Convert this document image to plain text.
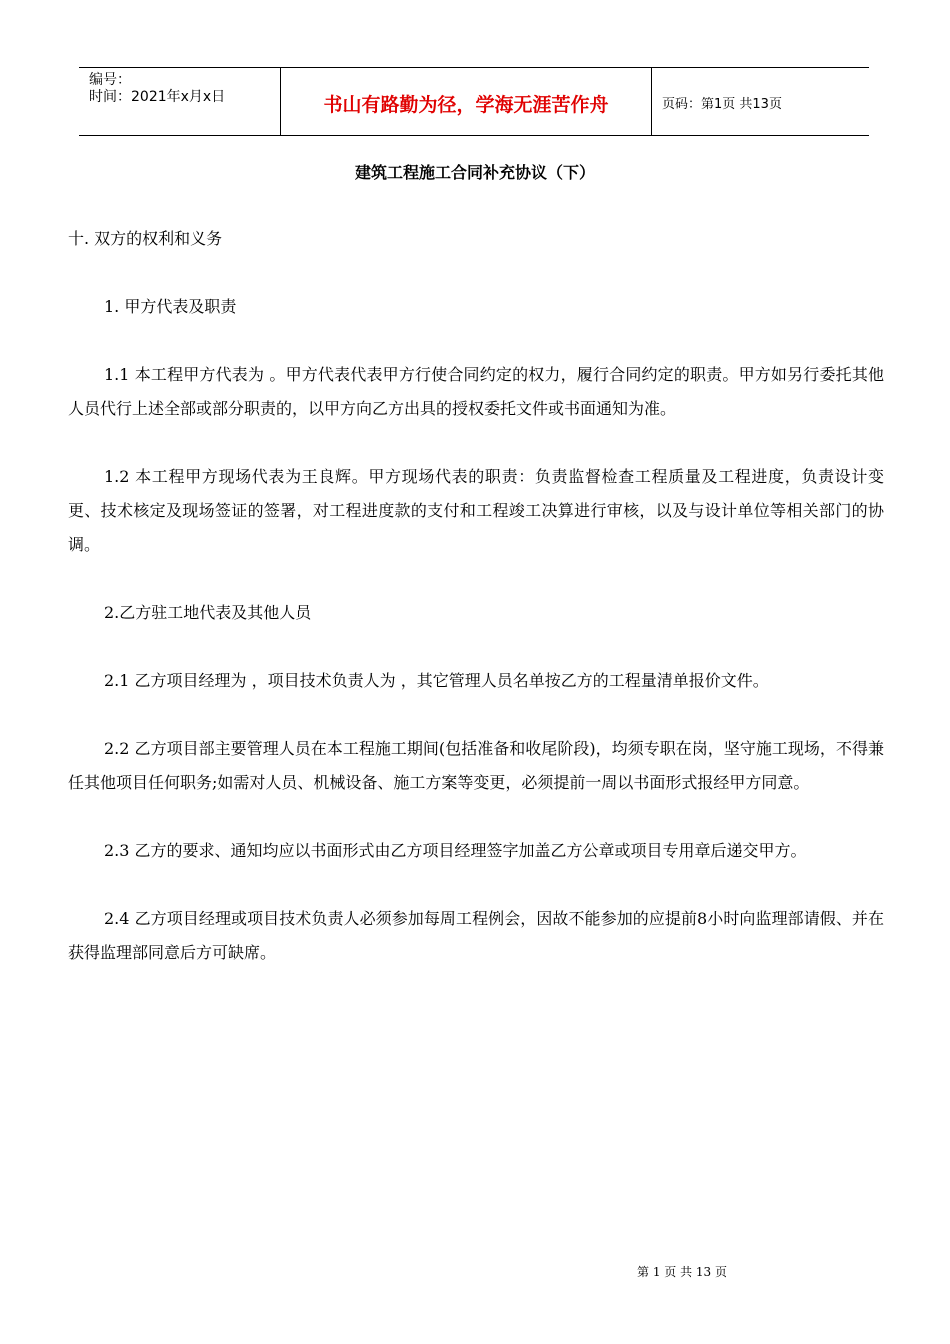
编号：
时间：2021年x月x日	书山有路勤为径，学海无涯苦作舟	页码：第1页 共13页
建筑工程施工合同补充协议（下）

十. 双方的权利和义务

1. 甲方代表及职责

1.1 本工程甲方代表为 。甲方代表代表甲方行使合同约定的权力，履行合同约定的职责。甲方如另行委托其他人员代行上述全部或部分职责的，以甲方向乙方出具的授权委托文件或书面通知为准。

1.2 本工程甲方现场代表为王良辉。甲方现场代表的职责：负责监督检查工程质量及工程进度，负责设计变更、技术核定及现场签证的签署，对工程进度款的支付和工程竣工决算进行审核，以及与设计单位等相关部门的协调。

2.乙方驻工地代表及其他人员

2.1 乙方项目经理为 ，项目技术负责人为 ，其它管理人员名单按乙方的工程量清单报价文件。

2.2 乙方项目部主要管理人员在本工程施工期间(包括准备和收尾阶段)，均须专职在岗，坚守施工现场，不得兼任其他项目任何职务;如需对人员、机械设备、施工方案等变更，必须提前一周以书面形式报经甲方同意。

2.3 乙方的要求、通知均应以书面形式由乙方项目经理签字加盖乙方公章或项目专用章后递交甲方。

2.4 乙方项目经理或项目技术负责人必须参加每周工程例会，因故不能参加的应提前8小时向监理部请假、并在获得监理部同意后方可缺席。

第 1 页 共 13 页
